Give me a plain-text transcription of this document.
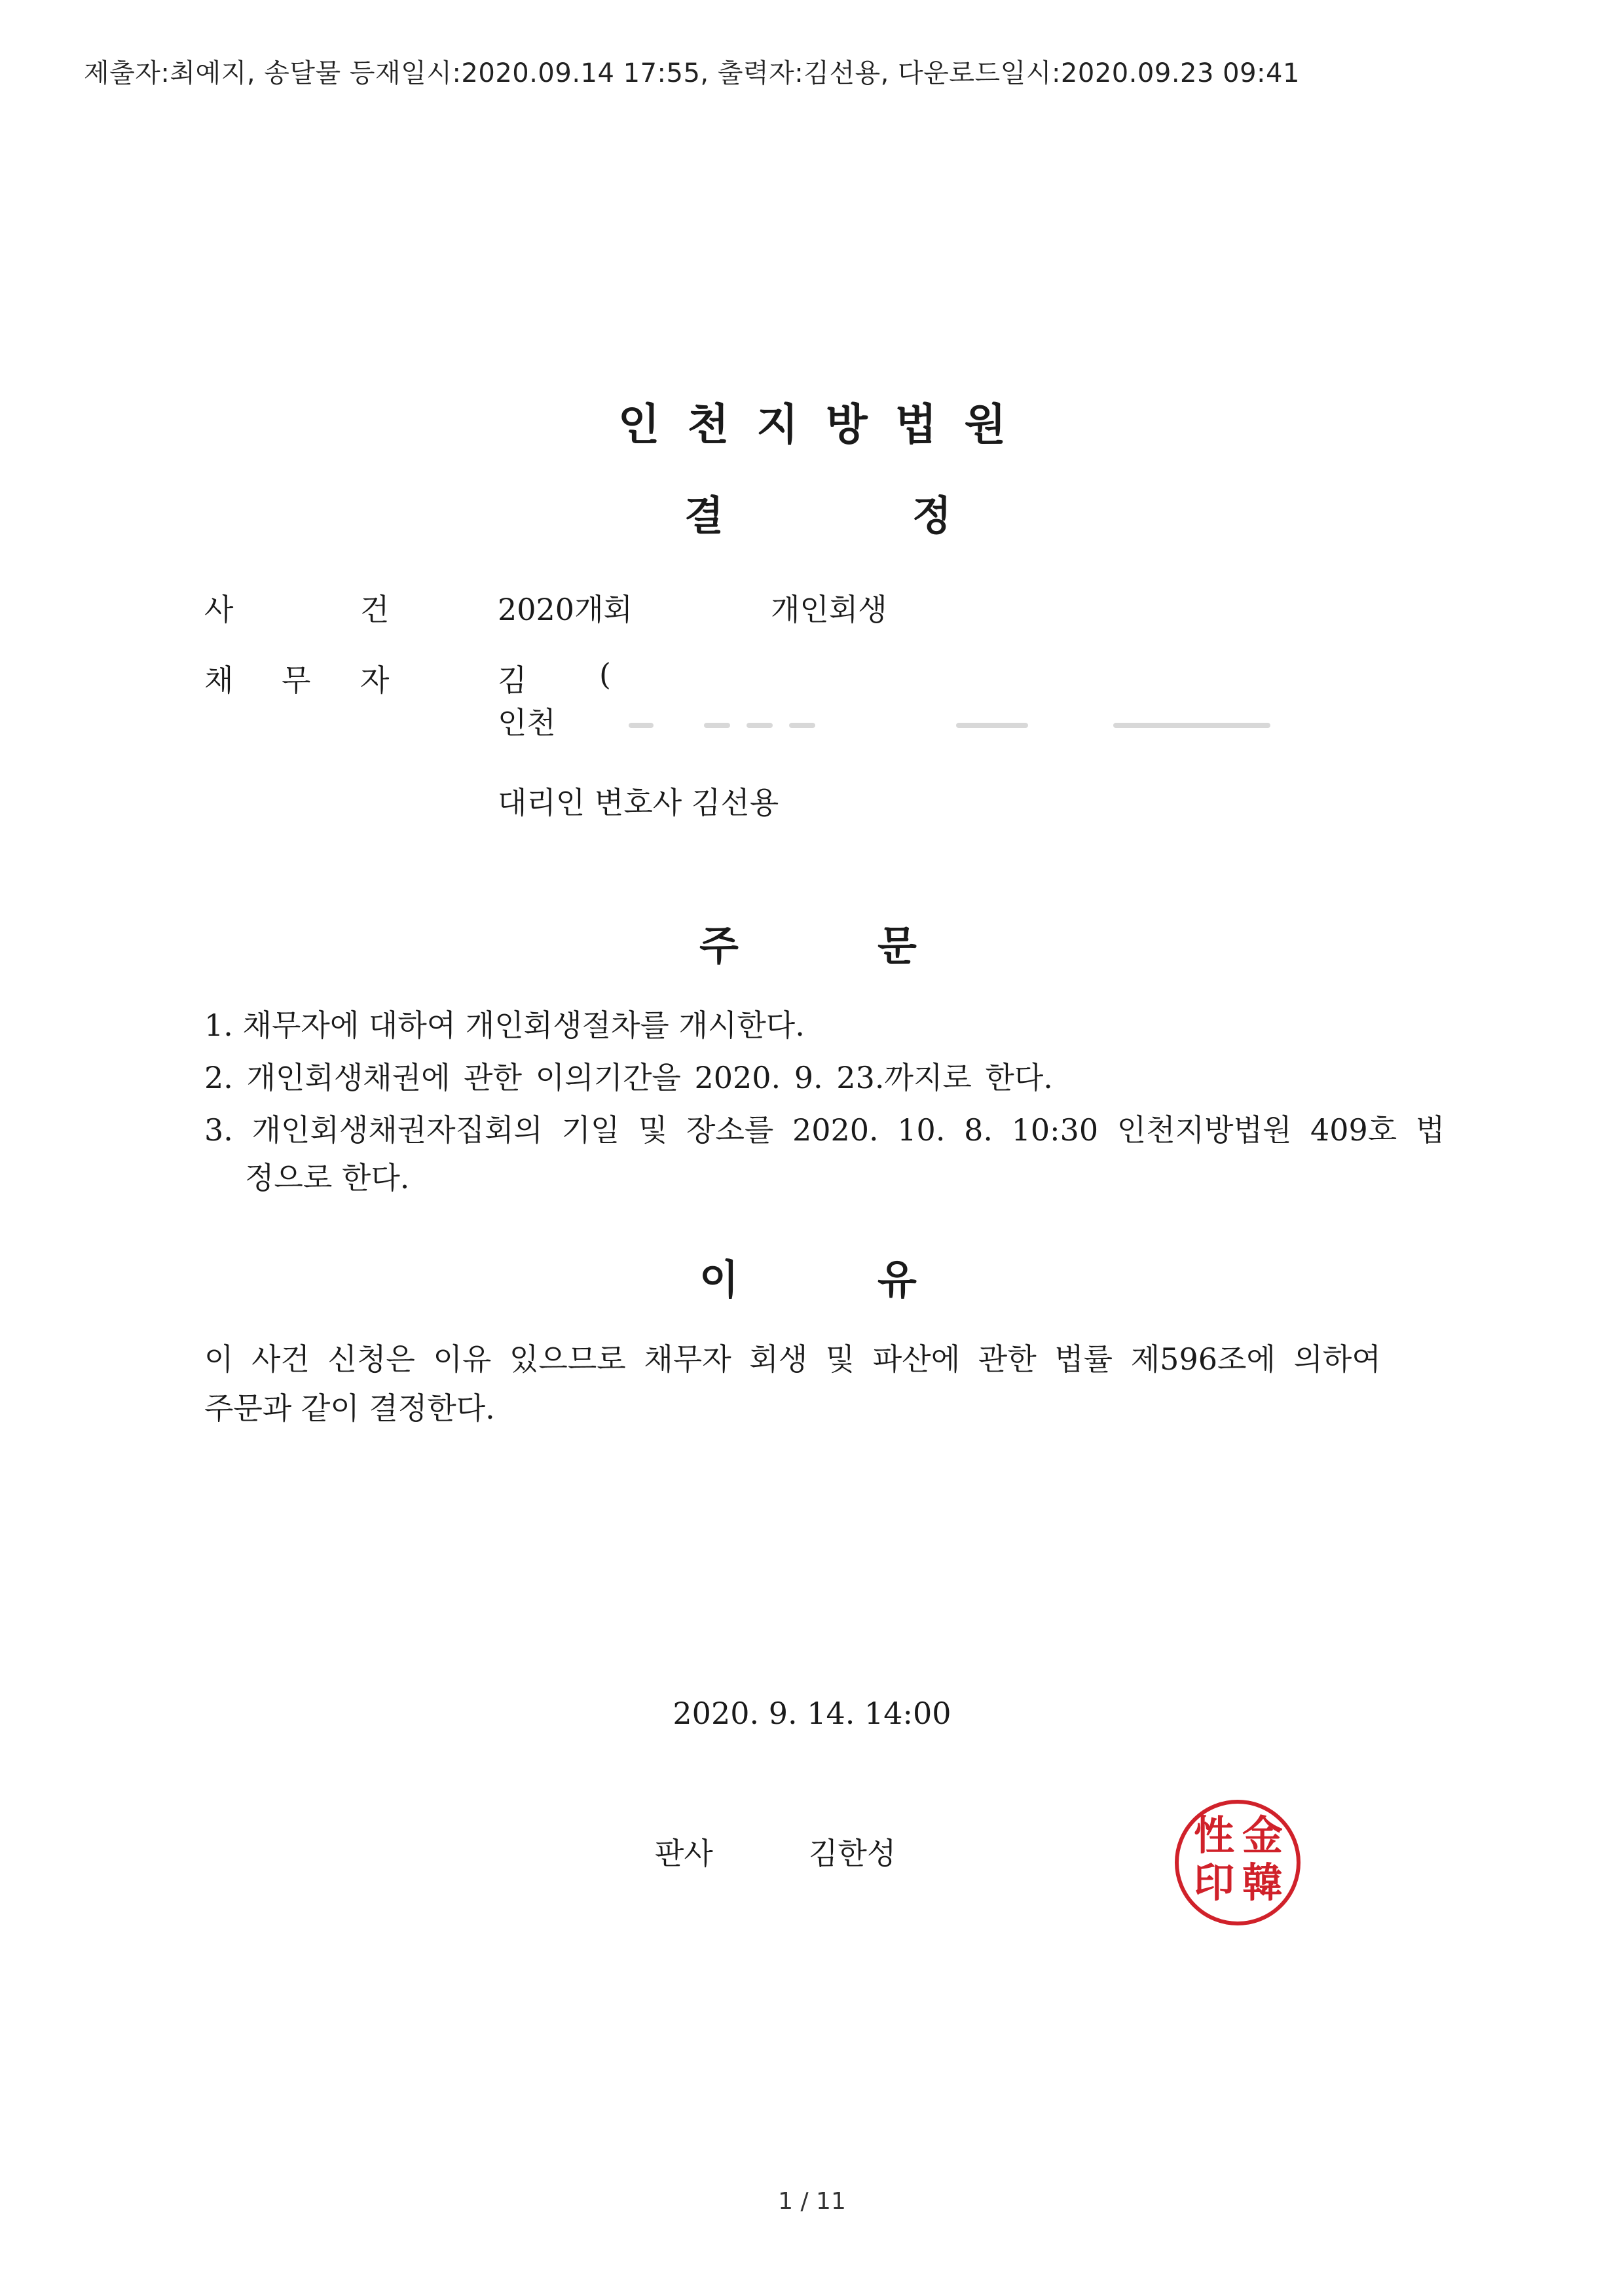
제출자:최예지, 송달물 등재일시:2020.09.14 17:55, 출력자:김선용, 다운로드일시:2020.09.23 09:41
인천지방법원
결	정
사	건	2020개회	개인회생
채 무 자	김 (
인천
대리인 변호사 김선용
주	문
1. 채무자에 대하여 개인회생절차를 개시한다.
2. 개인회생채권에 관한 이의기간을 2020. 9. 23.까지로 한다.
3. 개인회생채권자집회의 기일 및 장소를 2020. 10. 8. 10:30 인천지방법원 409호 법
정으로 한다.
이	유
이 사건 신청은 이유 있으므로 채무자 회생 및 파산에 관한 법률 제596조에 의하여
주문과 같이 결정한다.
2020. 9. 14. 14:00
판사	김한성	金
韓
性
印
1 / 11
